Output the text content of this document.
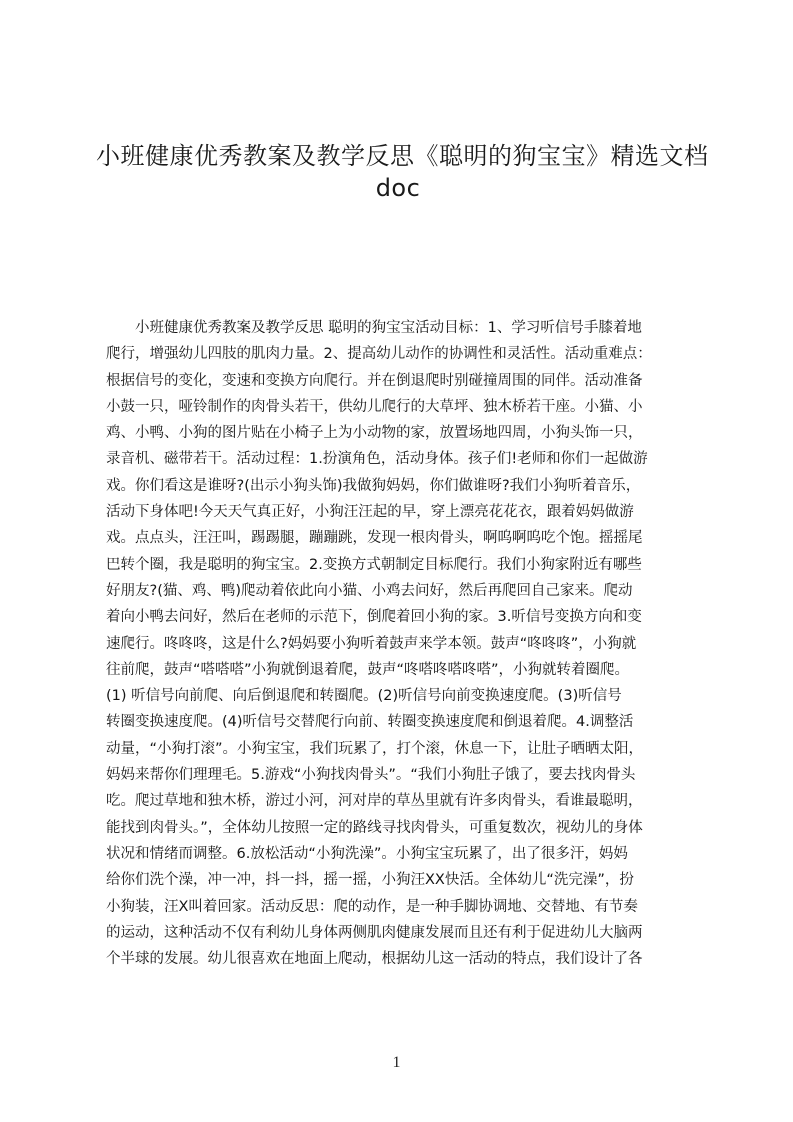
小班健康优秀教案及教学反思《聪明的狗宝宝》精选文档
doc
小班健康优秀教案及教学反思 聪明的狗宝宝活动目标：1、学习听信号手膝着地
爬行，增强幼儿四肢的肌肉力量。2、提高幼儿动作的协调性和灵活性。活动重难点：
根据信号的变化，变速和变换方向爬行。并在倒退爬时别碰撞周围的同伴。活动准备
小鼓一只，哑铃制作的肉骨头若干，供幼儿爬行的大草坪、独木桥若干座。小猫、小
鸡、小鸭、小狗的图片贴在小椅子上为小动物的家，放置场地四周，小狗头饰一只，
录音机、磁带若干。活动过程：1.扮演角色，活动身体。孩子们!老师和你们一起做游
戏。你们看这是谁呀?(出示小狗头饰)我做狗妈妈，你们做谁呀?我们小狗听着音乐，
活动下身体吧!今天天气真正好，小狗汪汪起的早，穿上漂亮花花衣，跟着妈妈做游
戏。点点头，汪汪叫，踢踢腿，蹦蹦跳，发现一根肉骨头，啊呜啊呜吃个饱。摇摇尾
巴转个圈，我是聪明的狗宝宝。2.变换方式朝制定目标爬行。我们小狗家附近有哪些
好朋友?(猫、鸡、鸭)爬动着依此向小猫、小鸡去问好，然后再爬回自己家来。爬动
着向小鸭去问好，然后在老师的示范下，倒爬着回小狗的家。3.听信号变换方向和变
速爬行。咚咚咚，这是什么?妈妈要小狗听着鼓声来学本领。鼓声“咚咚咚”，小狗就
往前爬，鼓声“嗒嗒嗒”小狗就倒退着爬，鼓声“咚嗒咚嗒咚嗒”，小狗就转着圈爬。
(1) 听信号向前爬、向后倒退爬和转圈爬。(2)听信号向前变换速度爬。(3)听信号
转圈变换速度爬。(4)听信号交替爬行向前、转圈变换速度爬和倒退着爬。4.调整活
动量，“小狗打滚”。小狗宝宝，我们玩累了，打个滚，休息一下，让肚子晒晒太阳，
妈妈来帮你们理理毛。5.游戏“小狗找肉骨头”。“我们小狗肚子饿了，要去找肉骨头
吃。爬过草地和独木桥，游过小河，河对岸的草丛里就有许多肉骨头，看谁最聪明，
能找到肉骨头。”，全体幼儿按照一定的路线寻找肉骨头，可重复数次，视幼儿的身体
状况和情绪而调整。6.放松活动“小狗洗澡”。小狗宝宝玩累了，出了很多汗，妈妈
给你们洗个澡，冲一冲，抖一抖，摇一摇，小狗汪XX快活。全体幼儿“洗完澡”，扮
小狗装，汪X叫着回家。活动反思：爬的动作，是一种手脚协调地、交替地、有节奏
的运动，这种活动不仅有利幼儿身体两侧肌肉健康发展而且还有利于促进幼儿大脑两
个半球的发展。幼儿很喜欢在地面上爬动，根据幼儿这一活动的特点，我们设计了各
1
